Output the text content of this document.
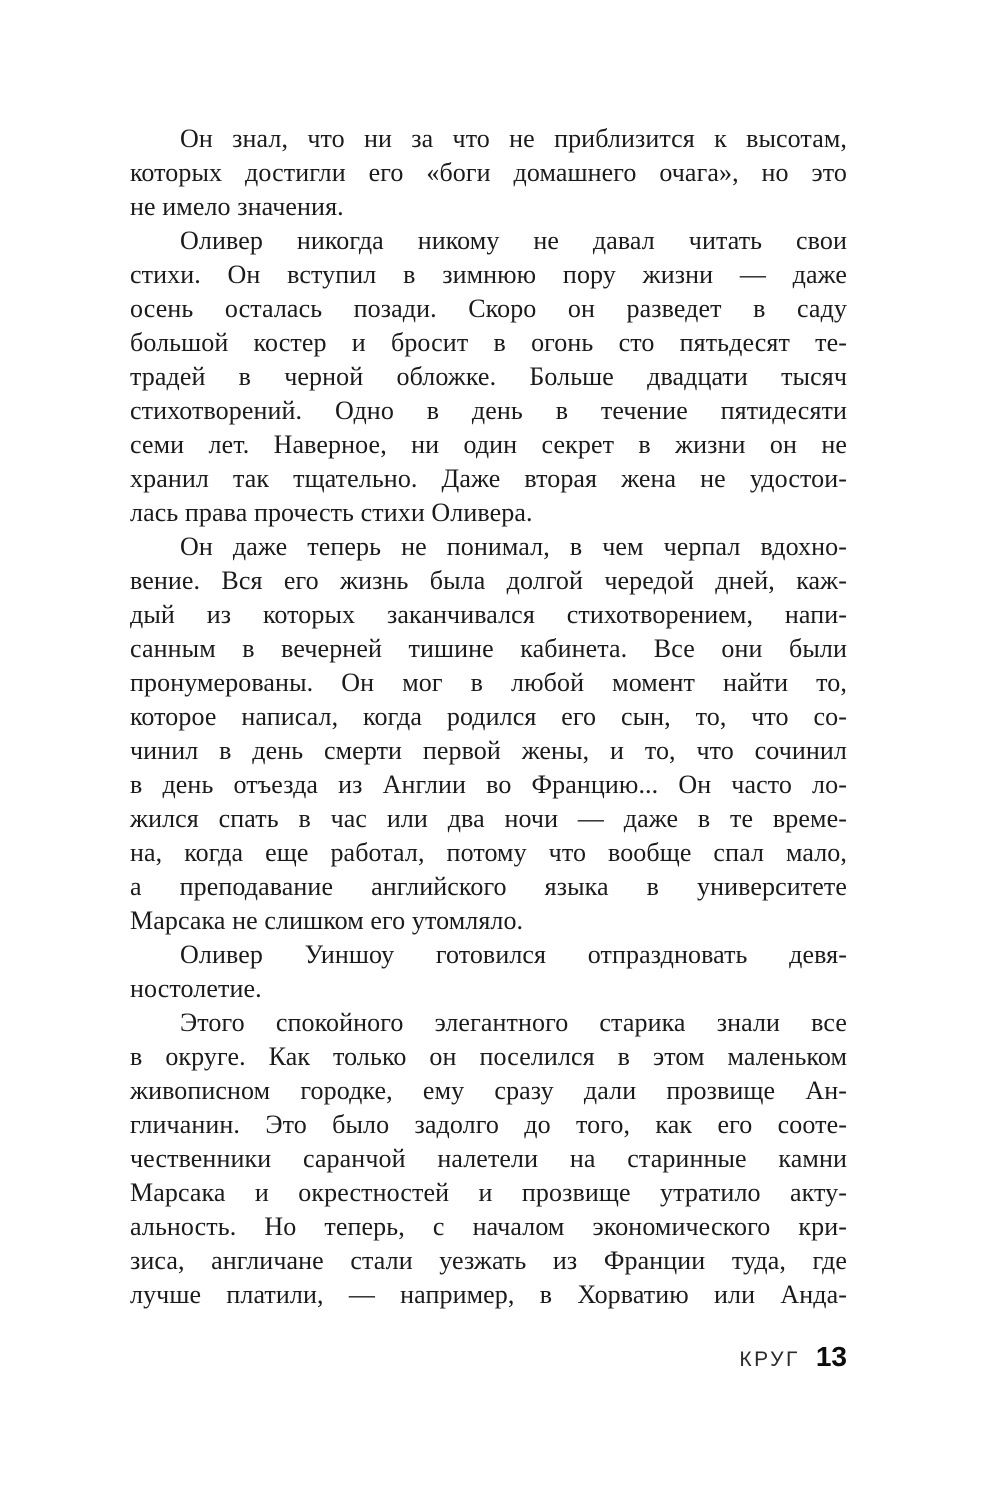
Он знал, что ни за что не приблизится к высотам,
которых достигли его «боги домашнего очага», но это
не имело значения.
Оливер никогда никому не давал читать свои
стихи. Он вступил в зимнюю пору жизни — даже
осень осталась позади. Скоро он разведет в саду
большой костер и бросит в огонь сто пятьдесят те-
традей в черной обложке. Больше двадцати тысяч
стихотворений. Одно в день в течение пятидесяти
семи лет. Наверное, ни один секрет в жизни он не
хранил так тщательно. Даже вторая жена не удостои-
лась права прочесть стихи Оливера.
Он даже теперь не понимал, в чем черпал вдохно-
вение. Вся его жизнь была долгой чередой дней, каж-
дый из которых заканчивался стихотворением, напи-
санным в вечерней тишине кабинета. Все они были
пронумерованы. Он мог в любой момент найти то,
которое написал, когда родился его сын, то, что со-
чинил в день смерти первой жены, и то, что сочинил
в день отъезда из Англии во Францию... Он часто ло-
жился спать в час или два ночи — даже в те време-
на, когда еще работал, потому что вообще спал мало,
а преподавание английского языка в университете
Марсака не слишком его утомляло.
Оливер Уиншоу готовился отпраздновать девя-
ностолетие.
Этого спокойного элегантного старика знали все
в округе. Как только он поселился в этом маленьком
живописном городке, ему сразу дали прозвище Ан-
гличанин. Это было задолго до того, как его соотe-
чественники саранчой налетели на старинные камни
Марсака и окрестностей и прозвище утратило акту-
альность. Но теперь, с началом экономического кри-
зиса, англичане стали уезжать из Франции туда, где
лучше платили, — например, в Хорватию или Анда-
КРУГ 13
